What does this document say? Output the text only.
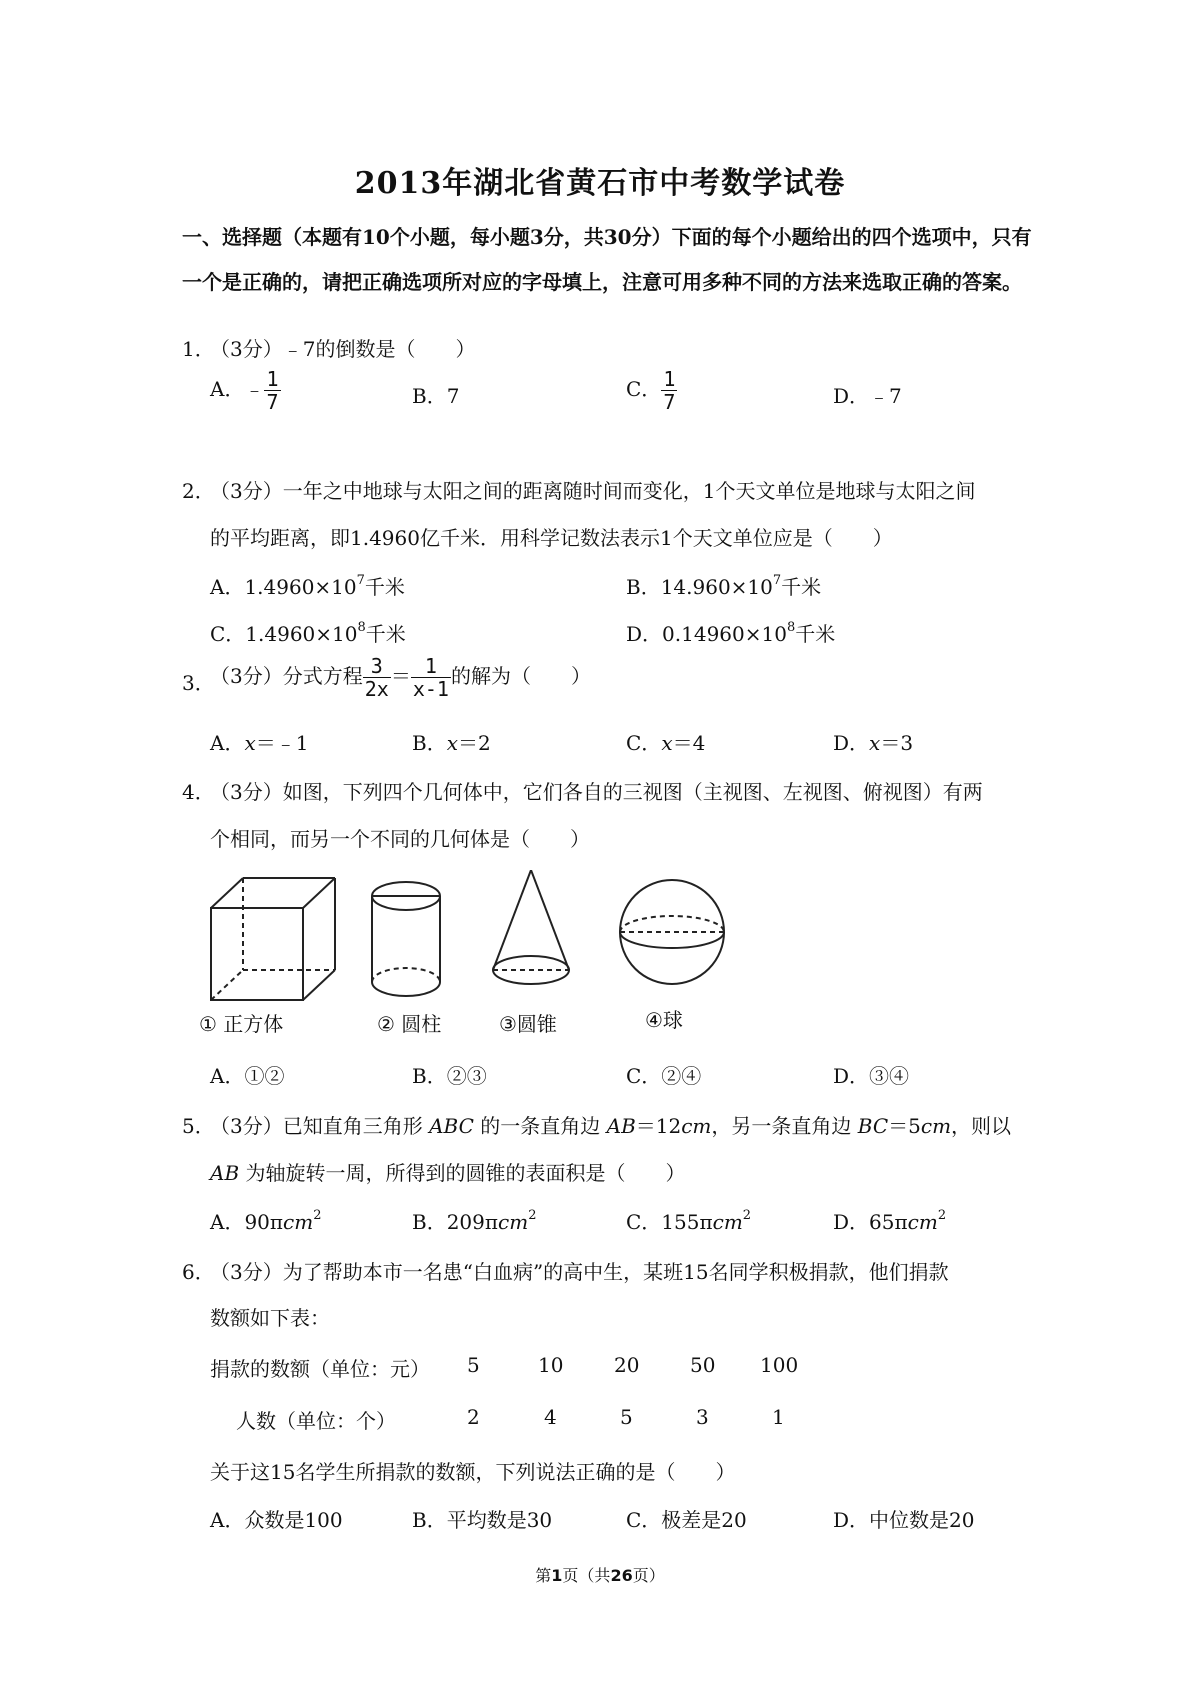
2013年湖北省黄石市中考数学试卷
一、选择题（本题有10个小题，每小题3分，共30分）下面的每个小题给出的四个选项中，只有一个是正确的，请把正确选项所对应的字母填上，注意可用多种不同的方法来选取正确的答案。
1．
（3分）﹣7的倒数是（　　）
A．﹣ $\frac{1}{7}$	B．7	C． $\frac{1}{7}$	D．﹣7
2．
（3分）一年之中地球与太阳之间的距离随时间而变化，1个天文单位是地球与太阳之间
的平均距离，即1.4960亿千米．用科学记数法表示1个天文单位应是（　　）
A．$1.4960\times 10^7$千米	B．$14.960\times 10^7$千米
C．$1.4960\times 10^8$千米	D．$0.14960\times 10^8$千米
3．
（3分）分式方程 $\frac{3}{2x} = \frac{1}{x-1}$ 的解为（　　）
A．x＝﹣1	B．x＝2	C．x＝4	D．x＝3
4．
（3分）如图，下列四个几何体中，它们各自的三视图（主视图、左视图、俯视图）有两
个相同，而另一个不同的几何体是（　　）
① 正方体	② 圆柱	③圆锥	④球
A．①②	B．②③	C．②④	D．③④
5．
（3分）已知直角三角形 ABC 的一条直角边 AB＝12cm，另一条直角边 BC＝5cm，则以
AB 为轴旋转一周，所得到的圆锥的表面积是（　　）
A．90πcm$^2$	B．209πcm$^2$	C．155πcm$^2$	D．65πcm$^2$
6．
（3分）为了帮助本市一名患“白血病”的高中生，某班15名同学积极捐款，他们捐款
数额如下表：
捐款的数额（单位：元） 5	10	20	50 100
人数（单位：个）	2	4	5	3	1
关于这15名学生所捐款的数额，下列说法正确的是（　　）
A．众数是100	B．平均数是30	C．极差是20	D．中位数是20
第1页（共26页）
